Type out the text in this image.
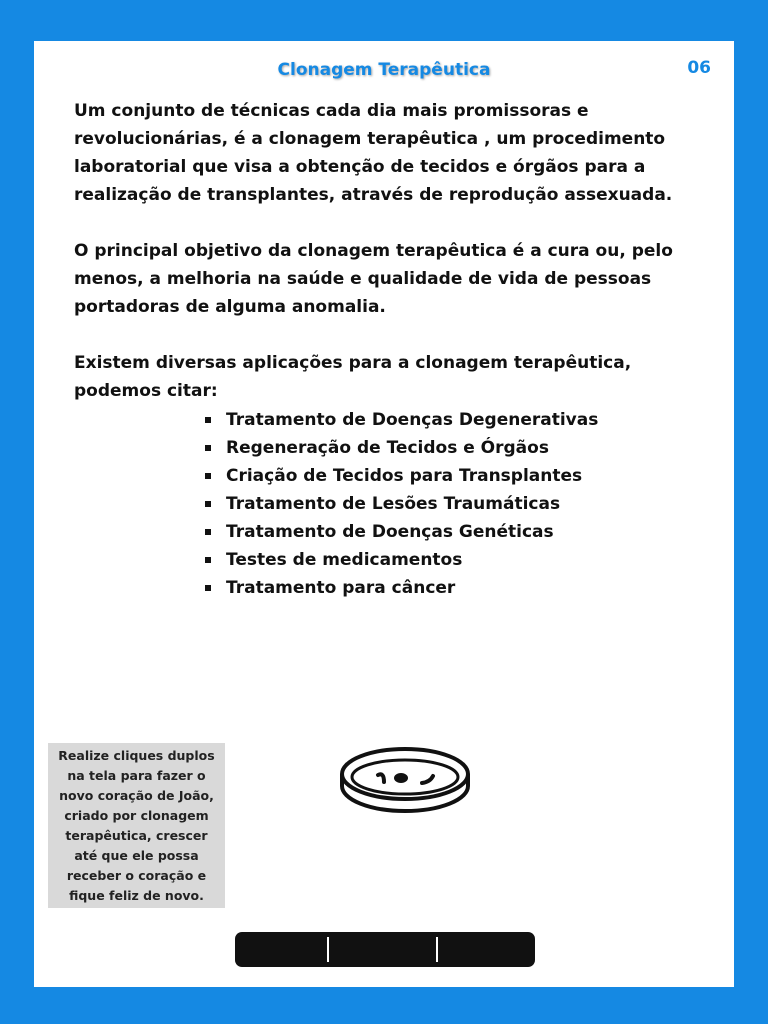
Clonagem Terapêutica	06

Um conjunto de técnicas cada dia mais promissoras e revolucionárias, é a clonagem terapêutica , um procedimento laboratorial que visa a obtenção de tecidos e órgãos para a realização de transplantes, através de reprodução assexuada.

O principal objetivo da clonagem terapêutica é a cura ou, pelo menos, a melhoria na saúde e qualidade de vida de pessoas portadoras de alguma anomalia.

Existem diversas aplicações para a clonagem terapêutica, podemos citar:

Tratamento de Doenças Degenerativas
Regeneração de Tecidos e Órgãos
Criação de Tecidos para Transplantes
Tratamento de Lesões Traumáticas
Tratamento de Doenças Genéticas
Testes de medicamentos
Tratamento para câncer
Realize cliques duplos na tela para fazer o novo coração de João, criado por clonagem terapêutica, crescer até que ele possa receber o coração e fique feliz de novo.
